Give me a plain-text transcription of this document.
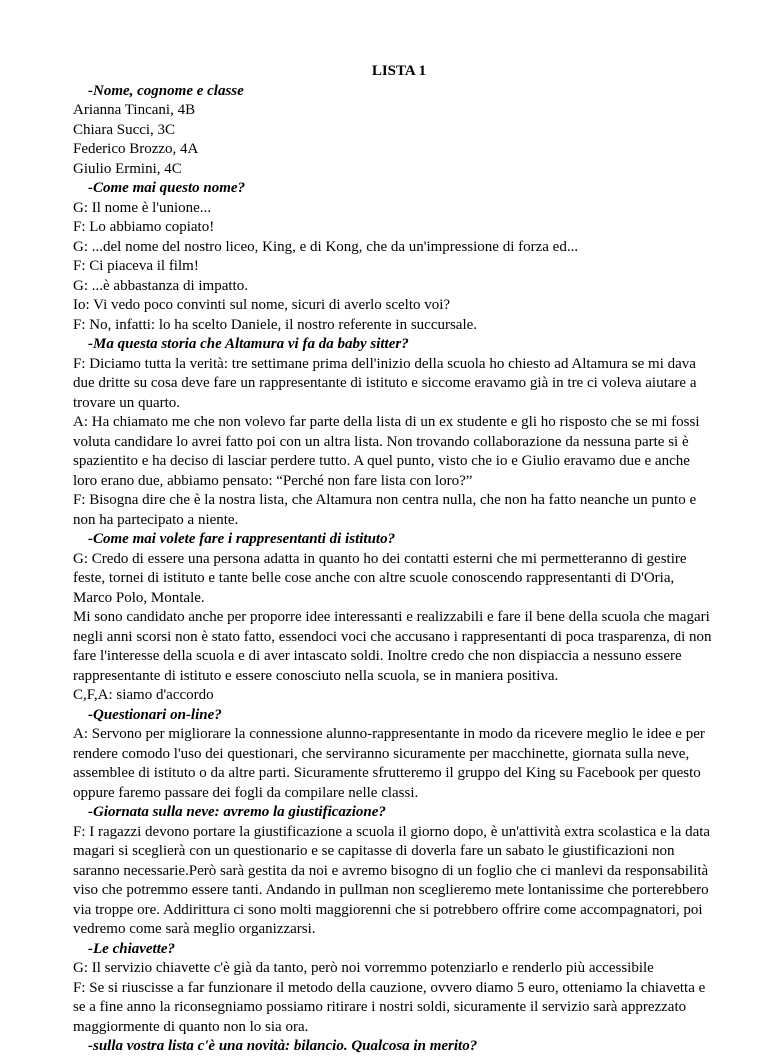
LISTA 1
-Nome, cognome e classe
Arianna Tincani, 4B
Chiara Succi, 3C
Federico Brozzo, 4A
Giulio Ermini, 4C
-Come mai questo nome?
G: Il nome è l'unione...
F: Lo abbiamo copiato!
G: ...del nome del nostro liceo, King, e di Kong, che da un'impressione di forza ed...
F: Ci piaceva il film!
G: ...è abbastanza di impatto.
Io: Vi vedo poco convinti sul nome, sicuri di averlo scelto voi?
F: No, infatti: lo ha scelto Daniele, il nostro referente in succursale.
-Ma questa storia che Altamura vi fa da baby sitter?
F: Diciamo tutta la verità: tre settimane prima dell'inizio della scuola ho chiesto ad Altamura se mi dava due dritte su cosa deve fare un rappresentante di istituto e siccome eravamo già in tre ci voleva aiutare a trovare un quarto.
A: Ha chiamato me che non volevo far parte della lista di un ex studente e gli ho risposto che se mi fossi voluta candidare lo avrei fatto poi con un altra lista. Non trovando collaborazione da nessuna parte si è spazientito e ha deciso di lasciar perdere tutto. A quel punto, visto che io e Giulio eravamo due e anche loro erano due, abbiamo pensato: “Perché non fare lista con loro?”
F: Bisogna dire che è la nostra lista, che Altamura non centra nulla, che non ha fatto neanche un punto e non ha partecipato a niente.
-Come mai volete fare i rappresentanti di istituto?
G: Credo di essere una persona adatta in quanto ho dei contatti esterni che mi permetteranno di gestire feste, tornei di istituto e tante belle cose anche con altre scuole conoscendo rappresentanti di D'Oria, Marco Polo, Montale.
Mi sono candidato anche per proporre idee interessanti e realizzabili e fare il bene della scuola che magari negli anni scorsi non è stato fatto, essendoci voci che accusano i rappresentanti di poca trasparenza, di non fare l'interesse della scuola e di aver intascato soldi. Inoltre credo che non dispiaccia a nessuno essere rappresentante di istituto e essere conosciuto nella scuola, se in maniera positiva.
C,F,A: siamo d'accordo
-Questionari on-line?
A: Servono per migliorare la connessione alunno-rappresentante in modo da ricevere meglio le idee e per rendere comodo l'uso dei questionari, che serviranno sicuramente per macchinette, giornata sulla neve, assemblee di istituto o da altre parti. Sicuramente sfrutteremo il gruppo del King su Facebook per questo oppure faremo passare dei fogli da compilare nelle classi.
-Giornata sulla neve: avremo la giustificazione?
F: I ragazzi devono portare la giustificazione a scuola il giorno dopo, è un'attività extra scolastica e la data magari si sceglierà con un questionario e se capitasse di doverla fare un sabato le giustificazioni non saranno necessarie.Però sarà gestita da noi e avremo bisogno di un foglio che ci manlevi da responsabilità viso che potremmo essere tanti. Andando in pullman non sceglieremo mete lontanissime che porterebbero via troppe ore. Addirittura ci sono molti maggiorenni che si potrebbero offrire come accompagnatori, poi vedremo come sarà meglio organizzarsi.
-Le chiavette?
G: Il servizio chiavette c'è già da tanto, però noi vorremmo potenziarlo e renderlo più accessibile
F: Se si riuscisse a far funzionare il metodo della cauzione, ovvero diamo 5 euro, otteniamo la chiavetta e se a fine anno la riconsegniamo possiamo ritirare i nostri soldi, sicuramente il servizio sarà apprezzato maggiormente di quanto non lo sia ora.
-sulla vostra lista c'è una novità: bilancio. Qualcosa in merito?
